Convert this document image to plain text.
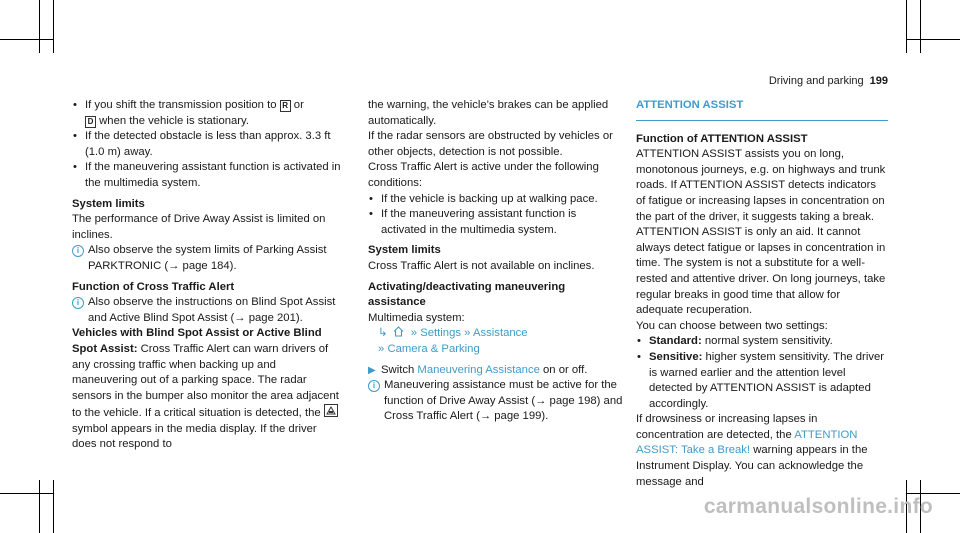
Driving and parking 199

• If you shift the transmission position to R or
D when the vehicle is stationary.

• If the detected obstacle is less than approx. 3.3 ft (1.0 m) away.

• If the maneuvering assistant function is activated in the multimedia system.

System limits

The performance of Drive Away Assist is limited on inclines.

i Also observe the system limits of Parking Assist PARKTRONIC (→ page 184).

Function of Cross Traffic Alert

i Also observe the instructions on Blind Spot Assist and Active Blind Spot Assist (→ page 201).

Vehicles with Blind Spot Assist or Active Blind Spot Assist: Cross Traffic Alert can warn drivers of any crossing traffic when backing up and maneuvering out of a parking space. The radar sensors in the bumper also monitor the area adjacent to the vehicle. If a critical situation is detected, the
symbol appears in the media display. If the driver does not respond to

the warning, the vehicle's brakes can be applied automatically.

If the radar sensors are obstructed by vehicles or other objects, detection is not possible.

Cross Traffic Alert is active under the following conditions:

• If the vehicle is backing up at walking pace.

• If the maneuvering assistant function is activated in the multimedia system.

System limits

Cross Traffic Alert is not available on inclines.

Activating/deactivating maneuvering assistance

Multimedia system:

↳ » Settings » Assistance

» Camera & Parking

▶ Switch Maneuvering Assistance on or off.

i Maneuvering assistance must be active for the function of Drive Away Assist (→ page 198) and Cross Traffic Alert (→ page 199).

ATTENTION ASSIST

Function of ATTENTION ASSIST

ATTENTION ASSIST assists you on long, monotonous journeys, e.g. on highways and trunk roads. If ATTENTION ASSIST detects indicators of fatigue or increasing lapses in concentration on the part of the driver, it suggests taking a break.

ATTENTION ASSIST is only an aid. It cannot always detect fatigue or lapses in concentration in time. The system is not a substitute for a well-rested and attentive driver. On long journeys, take regular breaks in good time that allow for adequate recuperation.

You can choose between two settings:

• Standard: normal system sensitivity.

• Sensitive: higher system sensitivity. The driver is warned earlier and the attention level detected by ATTENTION ASSIST is adapted accordingly.

If drowsiness or increasing lapses in concentration are detected, the ATTENTION ASSIST: Take a Break! warning appears in the Instrument Display. You can acknowledge the message and

carmanualsonline.info
